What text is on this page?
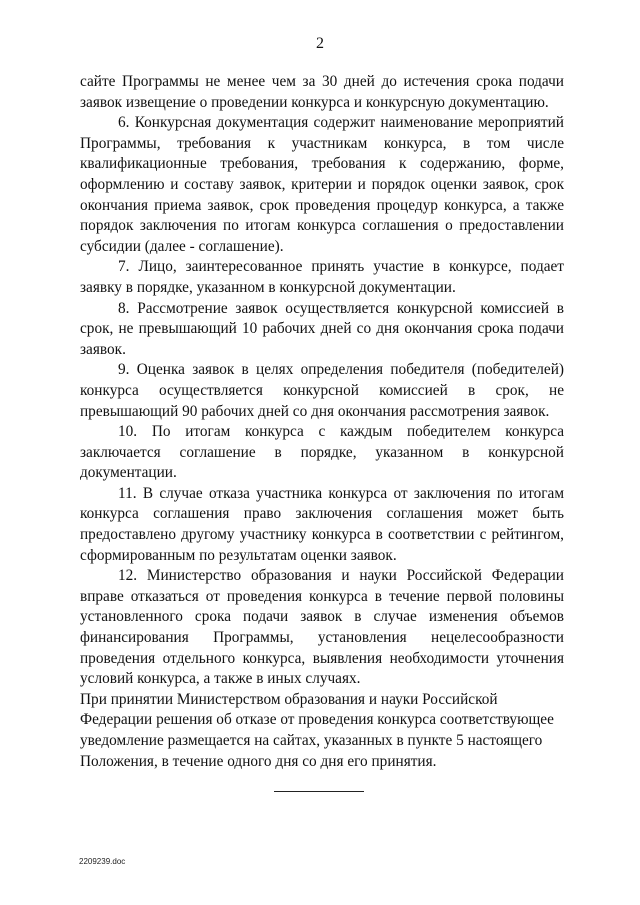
2

сайте Программы не менее чем за 30 дней до истечения срока подачи заявок извещение о проведении конкурса и конкурсную документацию.

6. Конкурсная документация содержит наименование мероприятий Программы, требования к участникам конкурса, в том числе квалификационные требования, требования к содержанию, форме, оформлению и составу заявок, критерии и порядок оценки заявок, срок окончания приема заявок, срок проведения процедур конкурса, а также порядок заключения по итогам конкурса соглашения о предоставлении субсидии (далее - соглашение).

7. Лицо, заинтересованное принять участие в конкурсе, подает заявку в порядке, указанном в конкурсной документации.

8. Рассмотрение заявок осуществляется конкурсной комиссией в срок, не превышающий 10 рабочих дней со дня окончания срока подачи заявок.

9. Оценка заявок в целях определения победителя (победителей) конкурса осуществляется конкурсной комиссией в срок, не превышающий 90 рабочих дней со дня окончания рассмотрения заявок.

10. По итогам конкурса с каждым победителем конкурса заключается соглашение в порядке, указанном в конкурсной документации.

11. В случае отказа участника конкурса от заключения по итогам конкурса соглашения право заключения соглашения может быть предоставлено другому участнику конкурса в соответствии с рейтингом, сформированным по результатам оценки заявок.

12. Министерство образования и науки Российской Федерации вправе отказаться от проведения конкурса в течение первой половины установленного срока подачи заявок в случае изменения объемов финансирования Программы, установления нецелесообразности проведения отдельного конкурса, выявления необходимости уточнения условий конкурса, а также в иных случаях.

При принятии Министерством образования и науки Российской Федерации решения об отказе от проведения конкурса соответствующее уведомление размещается на сайтах, указанных в пункте 5 настоящего Положения, в течение одного дня со дня его принятия.

2209239.doc
